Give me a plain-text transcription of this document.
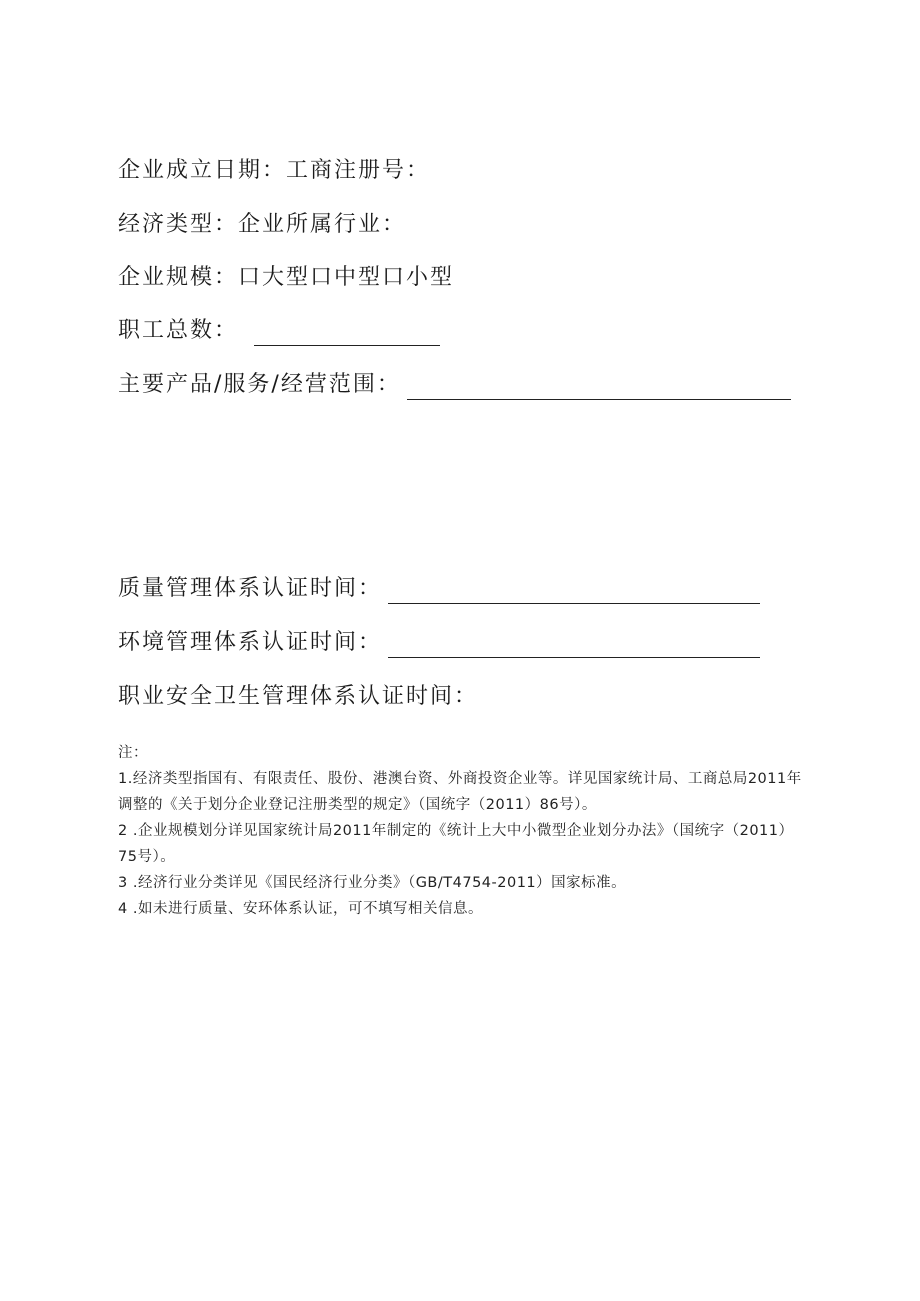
企业成立日期： 工商注册号：
经济类型： 企业所属行业：
企业规模： 口大型 口中型 口小型
职工总数：
主要产品/服务/经营范围：
质量管理体系认证时间：
环境管理体系认证时间：
职业安全卫生管理体系认证时间：

注：

1.经济类型指国有、有限责任、股份、港澳台资、外商投资企业等。详见国家统计局、工商总局2011年调整的《关于划分企业登记注册类型的规定》（国统字（2011）86号）。

2 .企业规模划分详见国家统计局2011年制定的《统计上大中小微型企业划分办法》（国统字（2011）75号）。

3 .经济行业分类详见《国民经济行业分类》（GB/T4754-2011）国家标准。

4 .如未进行质量、安环体系认证，可不填写相关信息。
